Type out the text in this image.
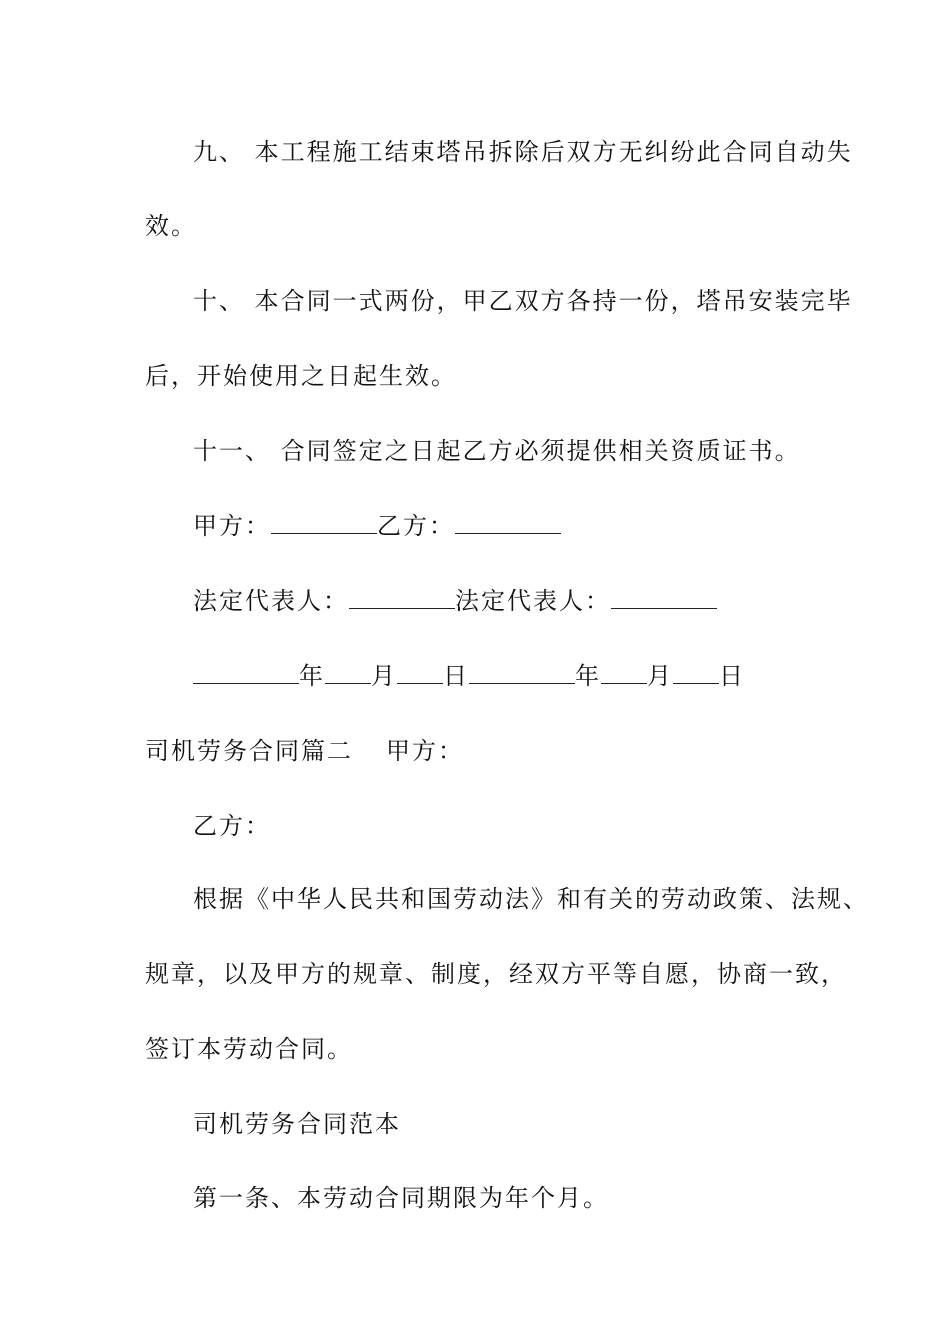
九、 本工程施工结束塔吊拆除后双方无纠纷此合同自动失
效。
十、 本合同一式两份，甲乙双方各持一份，塔吊安装完毕
后，开始使用之日起生效。
十一、 合同签定之日起乙方必须提供相关资质证书。
甲方：	乙方：
法定代表人：	法定代表人：
年 月 日	年 月 日
司机劳务合同篇二 甲方：
乙方：
根据《中华人民共和国劳动法》和有关的劳动政策、法规、
规章，以及甲方的规章、制度，经双方平等自愿，协商一致，
签订本劳动合同。
司机劳务合同范本
第一条、本劳动合同期限为年个月。
